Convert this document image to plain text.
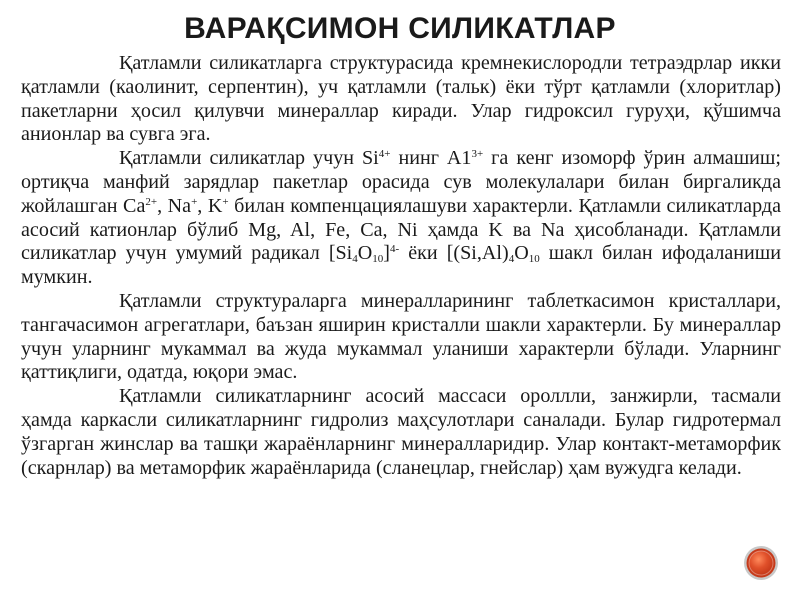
ВАРАҚСИМОН СИЛИКАТЛАР

Қатламли силикатларга структурасида кремнекислородли тетраэдрлар икки қатламли (каолинит, серпентин), уч қатламли (тальк) ёки тўрт қатламли (хлоритлар) пакетларни ҳосил қилувчи минераллар киради. Улар гидроксил гуруҳи, қўшимча анионлар ва сувга эга.

Қатламли силикатлар учун $Si^{4+}$ нинг $A1^{3+}$ га кенг изоморф ўрин алмашиш; ортиқча манфий зарядлар пакетлар орасида сув молекулалари билан биргаликда жойлашган $Ca^{2+}$, Na+, K+ билан компенцациялашуви характерли. Қатламли силикатларда асосий катионлар бўлиб Mg, Al, Fe, Ca, Ni ҳамда K ва Na ҳисобланади. Қатламли силикатлар учун умумий радикал $[Si_4O_{10}]^{4-}$ ёки [$(Si,Al)_4O_{10}$ шакл билан ифодаланиши мумкин.

Қатламли структураларга минералларининг таблеткасимон кристаллари, тангачасимон агрегатлари, баъзан яширин кристалли шакли характерли. Бу минераллар учун уларнинг мукаммал ва жуда мукаммал уланиши характерли бўлади. Уларнинг қаттиқлиги, одатда, юқори эмас.

Қатламли силикатларнинг асосий массаси ороллли, занжирли, тасмали ҳамда каркасли силикатларнинг гидролиз маҳсулотлари саналади. Булар гидротермал ўзгарган жинслар ва ташқи жараёнларнинг минералларидир. Улар контакт-метаморфик (скарнлар) ва метаморфик жараёнларида (сланецлар, гнейслар) ҳам вужудга келади.
